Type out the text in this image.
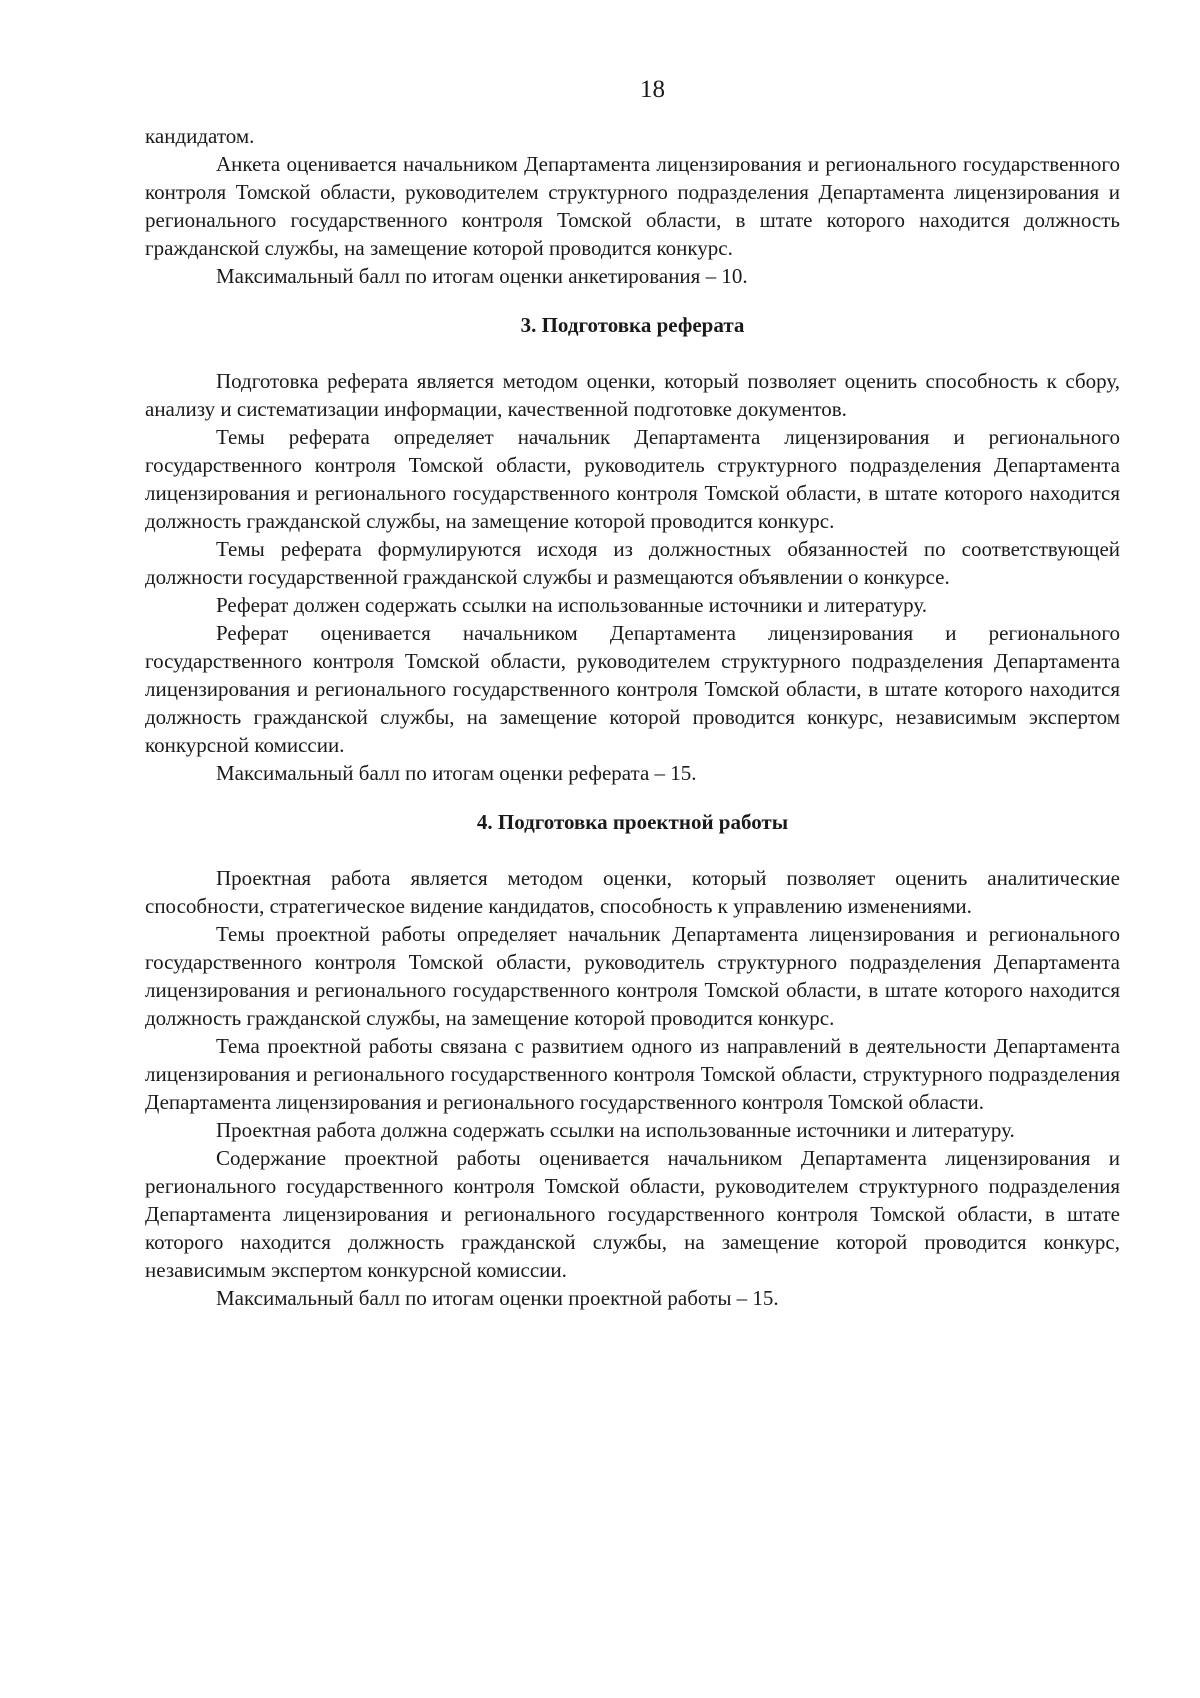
18

кандидатом.

Анкета оценивается начальником Департамента лицензирования и регионального государственного контроля Томской области, руководителем структурного подразделения Департамента лицензирования и регионального государственного контроля Томской области, в штате которого находится должность гражданской службы, на замещение которой проводится конкурс.

Максимальный балл по итогам оценки анкетирования – 10.

3. Подготовка реферата

Подготовка реферата является методом оценки, который позволяет оценить способность к сбору, анализу и систематизации информации, качественной подготовке документов.

Темы реферата определяет начальник Департамента лицензирования и регионального государственного контроля Томской области, руководитель структурного подразделения Департамента лицензирования и регионального государственного контроля Томской области, в штате которого находится должность гражданской службы, на замещение которой проводится конкурс.

Темы реферата формулируются исходя из должностных обязанностей по соответствующей должности государственной гражданской службы и размещаются объявлении о конкурсе.

Реферат должен содержать ссылки на использованные источники и литературу.

Реферат оценивается начальником Департамента лицензирования и регионального государственного контроля Томской области, руководителем структурного подразделения Департамента лицензирования и регионального государственного контроля Томской области, в штате которого находится должность гражданской службы, на замещение которой проводится конкурс, независимым экспертом конкурсной комиссии.

Максимальный балл по итогам оценки реферата – 15.

4. Подготовка проектной работы

Проектная работа является методом оценки, который позволяет оценить аналитические способности, стратегическое видение кандидатов, способность к управлению изменениями.

Темы проектной работы определяет начальник Департамента лицензирования и регионального государственного контроля Томской области, руководитель структурного подразделения Департамента лицензирования и регионального государственного контроля Томской области, в штате которого находится должность гражданской службы, на замещение которой проводится конкурс.

Тема проектной работы связана с развитием одного из направлений в деятельности Департамента лицензирования и регионального государственного контроля Томской области, структурного подразделения Департамента лицензирования и регионального государственного контроля Томской области.

Проектная работа должна содержать ссылки на использованные источники и литературу.

Содержание проектной работы оценивается начальником Департамента лицензирования и регионального государственного контроля Томской области, руководителем структурного подразделения Департамента лицензирования и регионального государственного контроля Томской области, в штате которого находится должность гражданской службы, на замещение которой проводится конкурс, независимым экспертом конкурсной комиссии.

Максимальный балл по итогам оценки проектной работы – 15.
